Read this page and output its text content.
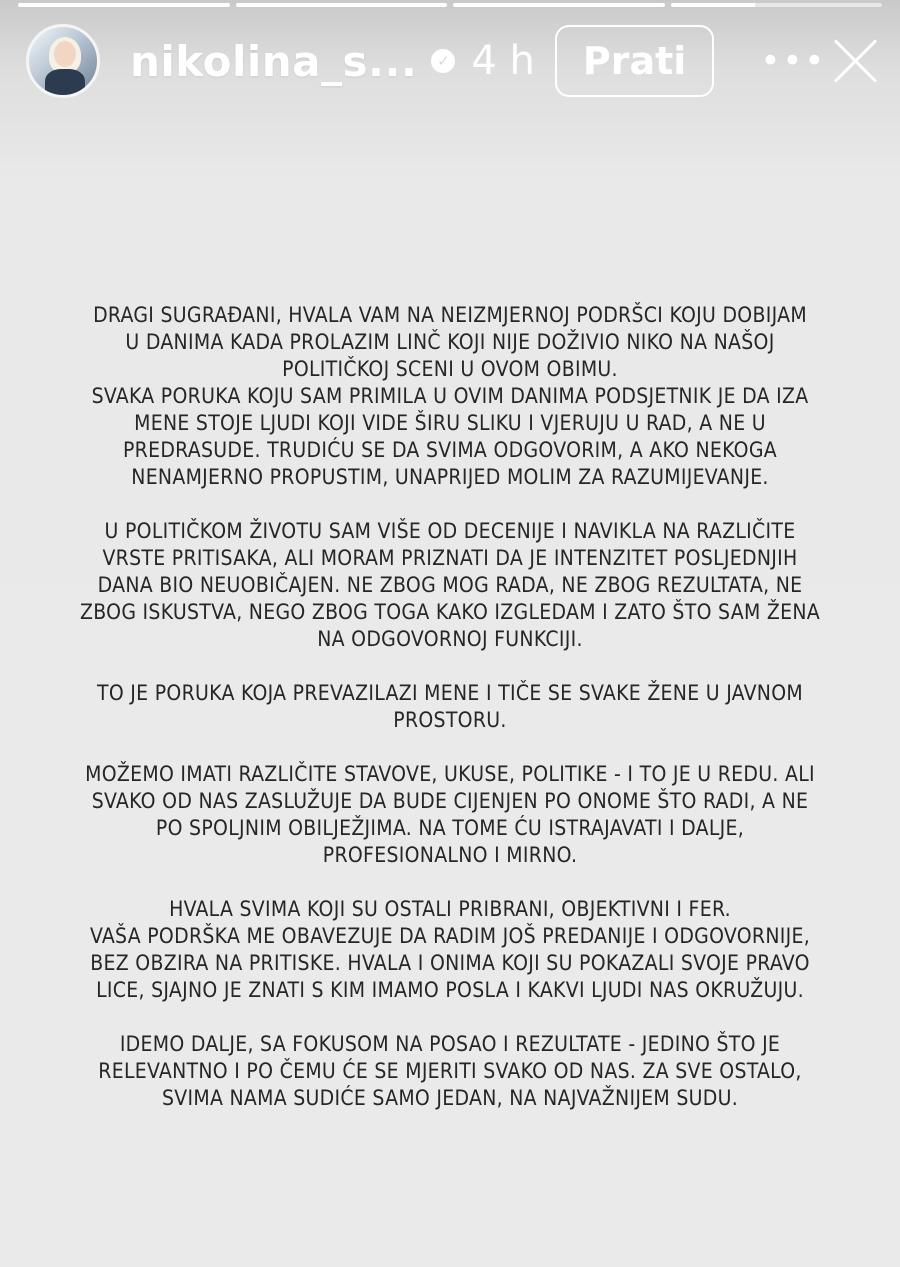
nikolina_s...	✓ 4 h	Prati	•••

DRAGI SUGRAĐANI, HVALA VAM NA NEIZMJERNOJ PODRŠCI KOJU DOBIJAM
U DANIMA KADA PROLAZIM LINČ KOJI NIJE DOŽIVIO NIKO NA NAŠOJ
POLITIČKOJ SCENI U OVOM OBIMU.
SVAKA PORUKA KOJU SAM PRIMILA U OVIM DANIMA PODSJETNIK JE DA IZA
MENE STOJE LJUDI KOJI VIDE ŠIRU SLIKU I VJERUJU U RAD, A NE U
PREDRASUDE. TRUDIĆU SE DA SVIMA ODGOVORIM, A AKO NEKOGA
NENAMJERNO PROPUSTIM, UNAPRIJED MOLIM ZA RAZUMIJEVANJE.

U POLITIČKOM ŽIVOTU SAM VIŠE OD DECENIJE I NAVIKLA NA RAZLIČITE
VRSTE PRITISAKA, ALI MORAM PRIZNATI DA JE INTENZITET POSLJEDNJIH
DANA BIO NEUOBIČAJEN. NE ZBOG MOG RADA, NE ZBOG REZULTATA, NE
ZBOG ISKUSTVA, NEGO ZBOG TOGA KAKO IZGLEDAM I ZATO ŠTO SAM ŽENA
NA ODGOVORNOJ FUNKCIJI.

TO JE PORUKA KOJA PREVAZILAZI MENE I TIČE SE SVAKE ŽENE U JAVNOM
PROSTORU.

MOŽEMO IMATI RAZLIČITE STAVOVE, UKUSE, POLITIKE - I TO JE U REDU. ALI
SVAKO OD NAS ZASLUŽUJE DA BUDE CIJENJEN PO ONOME ŠTO RADI, A NE
PO SPOLJNIM OBILJEŽJIMA. NA TOME ĆU ISTRAJAVATI I DALJE,
PROFESIONALNO I MIRNO.

HVALA SVIMA KOJI SU OSTALI PRIBRANI, OBJEKTIVNI I FER.
VAŠA PODRŠKA ME OBAVEZUJE DA RADIM JOŠ PREDANIJE I ODGOVORNIJE,
BEZ OBZIRA NA PRITISKE. HVALA I ONIMA KOJI SU POKAZALI SVOJE PRAVO
LICE, SJAJNO JE ZNATI S KIM IMAMO POSLA I KAKVI LJUDI NAS OKRUŽUJU.

IDEMO DALJE, SA FOKUSOM NA POSAO I REZULTATE - JEDINO ŠTO JE
RELEVANTNO I PO ČEMU ĆE SE MJERITI SVAKO OD NAS. ZA SVE OSTALO,
SVIMA NAMA SUDIĆE SAMO JEDAN, NA NAJVAŽNIJEM SUDU.
